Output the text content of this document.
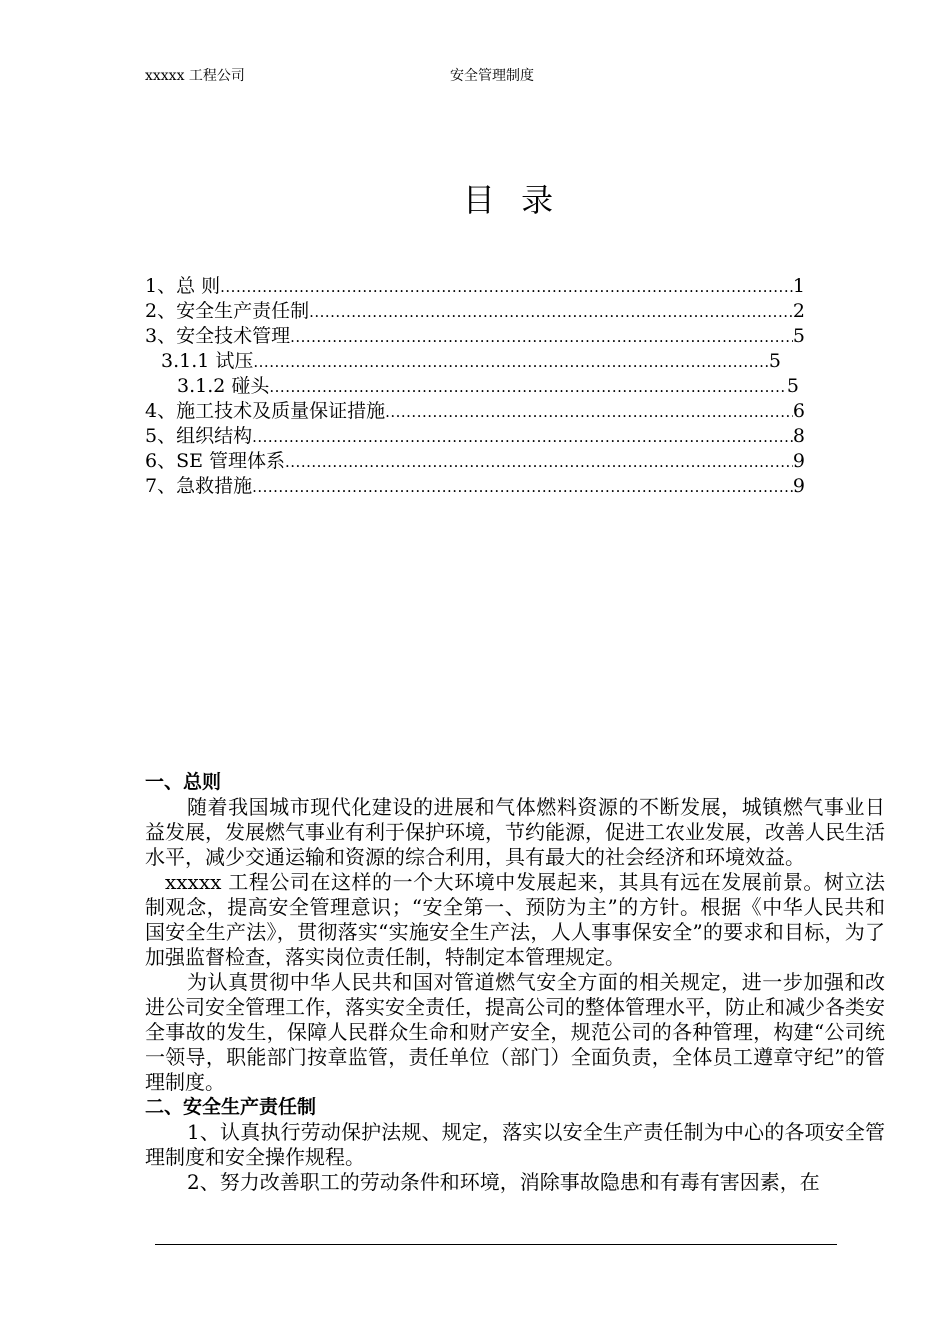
xxxxx 工程公司	安全管理制度
目 录
1、总 则 .....	1
2、安全生产责任制 .....	2
3、安全技术管理 .....	5
3.1.1 试压 .....	5
3.1.2 碰头 .....	5
4、施工技术及质量保证措施 .....	6
5、组织结构 .....	8
6、SE 管理体系 .....	9
7、急救措施 .....	9
一、总则

随着我国城市现代化建设的进展和气体燃料资源的不断发展，城镇燃气事业日益发展，发展燃气事业有利于保护环境，节约能源，促进工农业发展，改善人民生活水平，减少交通运输和资源的综合利用，具有最大的社会经济和环境效益。

xxxxx 工程公司在这样的一个大环境中发展起来，其具有远在发展前景。树立法制观念，提高安全管理意识；“安全第一、预防为主”的方针。根据《中华人民共和国安全生产法》，贯彻落实“实施安全生产法，人人事事保安全”的要求和目标，为了加强监督检查，落实岗位责任制，特制定本管理规定。

为认真贯彻中华人民共和国对管道燃气安全方面的相关规定，进一步加强和改进公司安全管理工作，落实安全责任，提高公司的整体管理水平，防止和减少各类安全事故的发生，保障人民群众生命和财产安全，规范公司的各种管理，构建“公司统一领导，职能部门按章监管，责任单位（部门）全面负责，全体员工遵章守纪”的管理制度。

二、安全生产责任制

1、认真执行劳动保护法规、规定，落实以安全生产责任制为中心的各项安全管理制度和安全操作规程。

2、努力改善职工的劳动条件和环境，消除事故隐患和有毒有害因素，在
